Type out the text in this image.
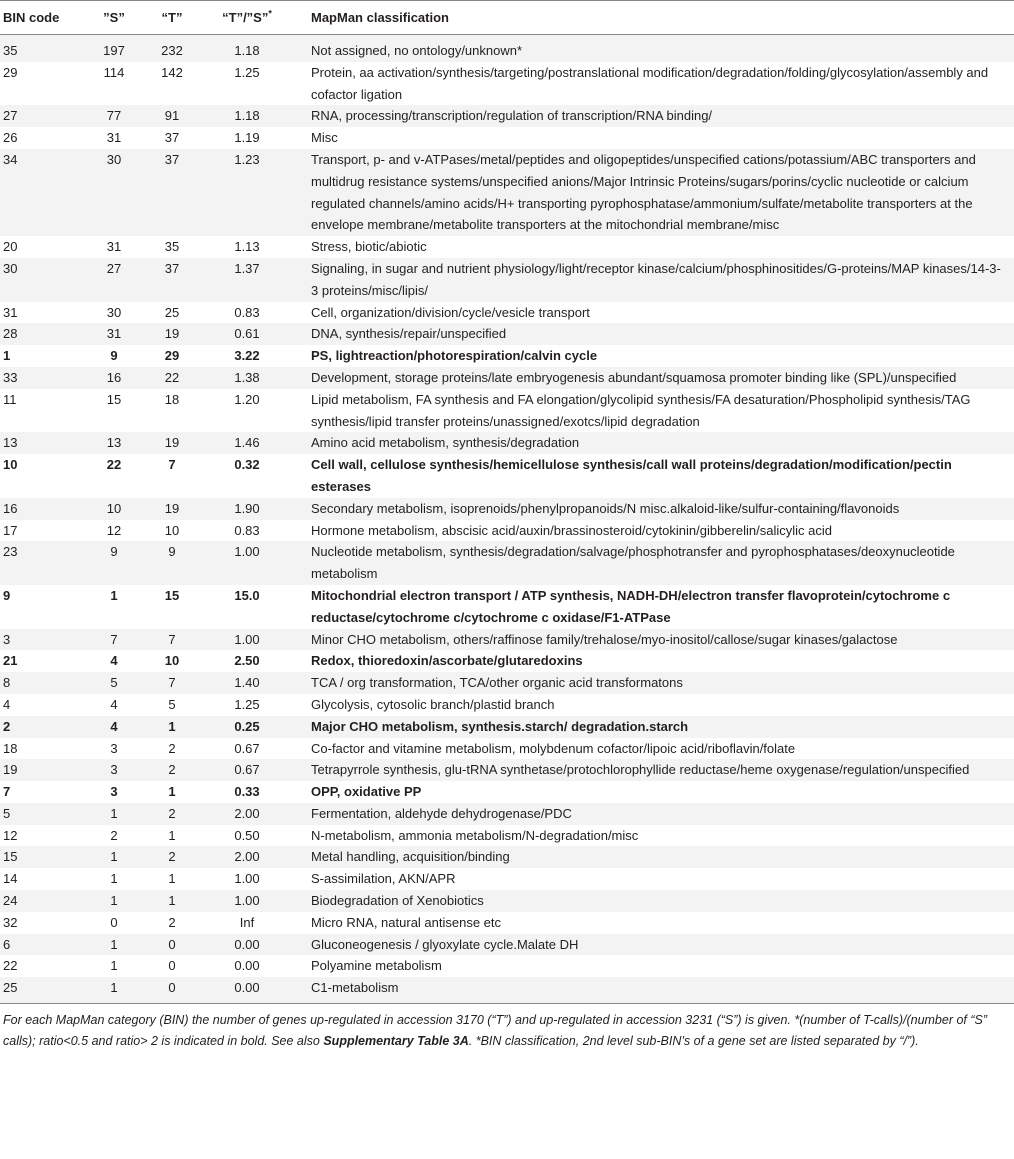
BIN code	”S”	“T”	“T”/”S”*	MapMan classification
35	197	232	1.18	Not assigned, no ontology/unknown*
29	114	142	1.25	Protein, aa activation/synthesis/targeting/postranslational modification/degradation/folding/glycosylation/assembly and cofactor ligation
27	77	91	1.18	RNA, processing/transcription/regulation of transcription/RNA binding/
26	31	37	1.19	Misc
34	30	37	1.23	Transport, p- and v-ATPases/metal/peptides and oligopeptides/unspecified cations/potassium/ABC transporters and multidrug resistance systems/unspecified anions/Major Intrinsic Proteins/sugars/porins/cyclic nucleotide or calcium regulated channels/amino acids/H+ transporting pyrophosphatase/ammonium/sulfate/metabolite transporters at the envelope membrane/metabolite transporters at the mitochondrial membrane/misc
20	31	35	1.13	Stress, biotic/abiotic
30	27	37	1.37	Signaling, in sugar and nutrient physiology/light/receptor kinase/calcium/phosphinositides/G-proteins/MAP kinases/14-3-3 proteins/misc/lipis/
31	30	25	0.83	Cell, organization/division/cycle/vesicle transport
28	31	19	0.61	DNA, synthesis/repair/unspecified
1	9	29	3.22	PS, lightreaction/photorespiration/calvin cycle
33	16	22	1.38	Development, storage proteins/late embryogenesis abundant/squamosa promoter binding like (SPL)/unspecified
11	15	18	1.20	Lipid metabolism, FA synthesis and FA elongation/glycolipid synthesis/FA desaturation/Phospholipid synthesis/TAG synthesis/lipid transfer proteins/unassigned/exotcs/lipid degradation
13	13	19	1.46	Amino acid metabolism, synthesis/degradation
10	22	7	0.32	Cell wall, cellulose synthesis/hemicellulose synthesis/call wall proteins/degradation/modification/pectin esterases
16	10	19	1.90	Secondary metabolism, isoprenoids/phenylpropanoids/N misc.alkaloid-like/sulfur-containing/flavonoids
17	12	10	0.83	Hormone metabolism, abscisic acid/auxin/brassinosteroid/cytokinin/gibberelin/salicylic acid
23	9	9	1.00	Nucleotide metabolism, synthesis/degradation/salvage/phosphotransfer and pyrophosphatases/deoxynucleotide metabolism
9	1	15	15.0	Mitochondrial electron transport / ATP synthesis, NADH-DH/electron transfer flavoprotein/cytochrome c reductase/cytochrome c/cytochrome c oxidase/F1-ATPase
3	7	7	1.00	Minor CHO metabolism, others/raffinose family/trehalose/myo-inositol/callose/sugar kinases/galactose
21	4	10	2.50	Redox, thioredoxin/ascorbate/glutaredoxins
8	5	7	1.40	TCA / org transformation, TCA/other organic acid transformatons
4	4	5	1.25	Glycolysis, cytosolic branch/plastid branch
2	4	1	0.25	Major CHO metabolism, synthesis.starch/ degradation.starch
18	3	2	0.67	Co-factor and vitamine metabolism, molybdenum cofactor/lipoic acid/riboflavin/folate
19	3	2	0.67	Tetrapyrrole synthesis, glu-tRNA synthetase/protochlorophyllide reductase/heme oxygenase/regulation/unspecified
7	3	1	0.33	OPP, oxidative PP
5	1	2	2.00	Fermentation, aldehyde dehydrogenase/PDC
12	2	1	0.50	N-metabolism, ammonia metabolism/N-degradation/misc
15	1	2	2.00	Metal handling, acquisition/binding
14	1	1	1.00	S-assimilation, AKN/APR
24	1	1	1.00	Biodegradation of Xenobiotics
32	0	2	Inf	Micro RNA, natural antisense etc
6	1	0	0.00	Gluconeogenesis / glyoxylate cycle.Malate DH
22	1	0	0.00	Polyamine metabolism
25	1	0	0.00	C1-metabolism
For each MapMan category (BIN) the number of genes up-regulated in accession 3170 (“T”) and up-regulated in accession 3231 (“S”) is given. *(number of T-calls)/(number of “S” calls); ratio<0.5 and ratio> 2 is indicated in bold. See also Supplementary Table 3A. *BIN classification, 2nd level sub-BIN’s of a gene set are listed separated by “/”).
